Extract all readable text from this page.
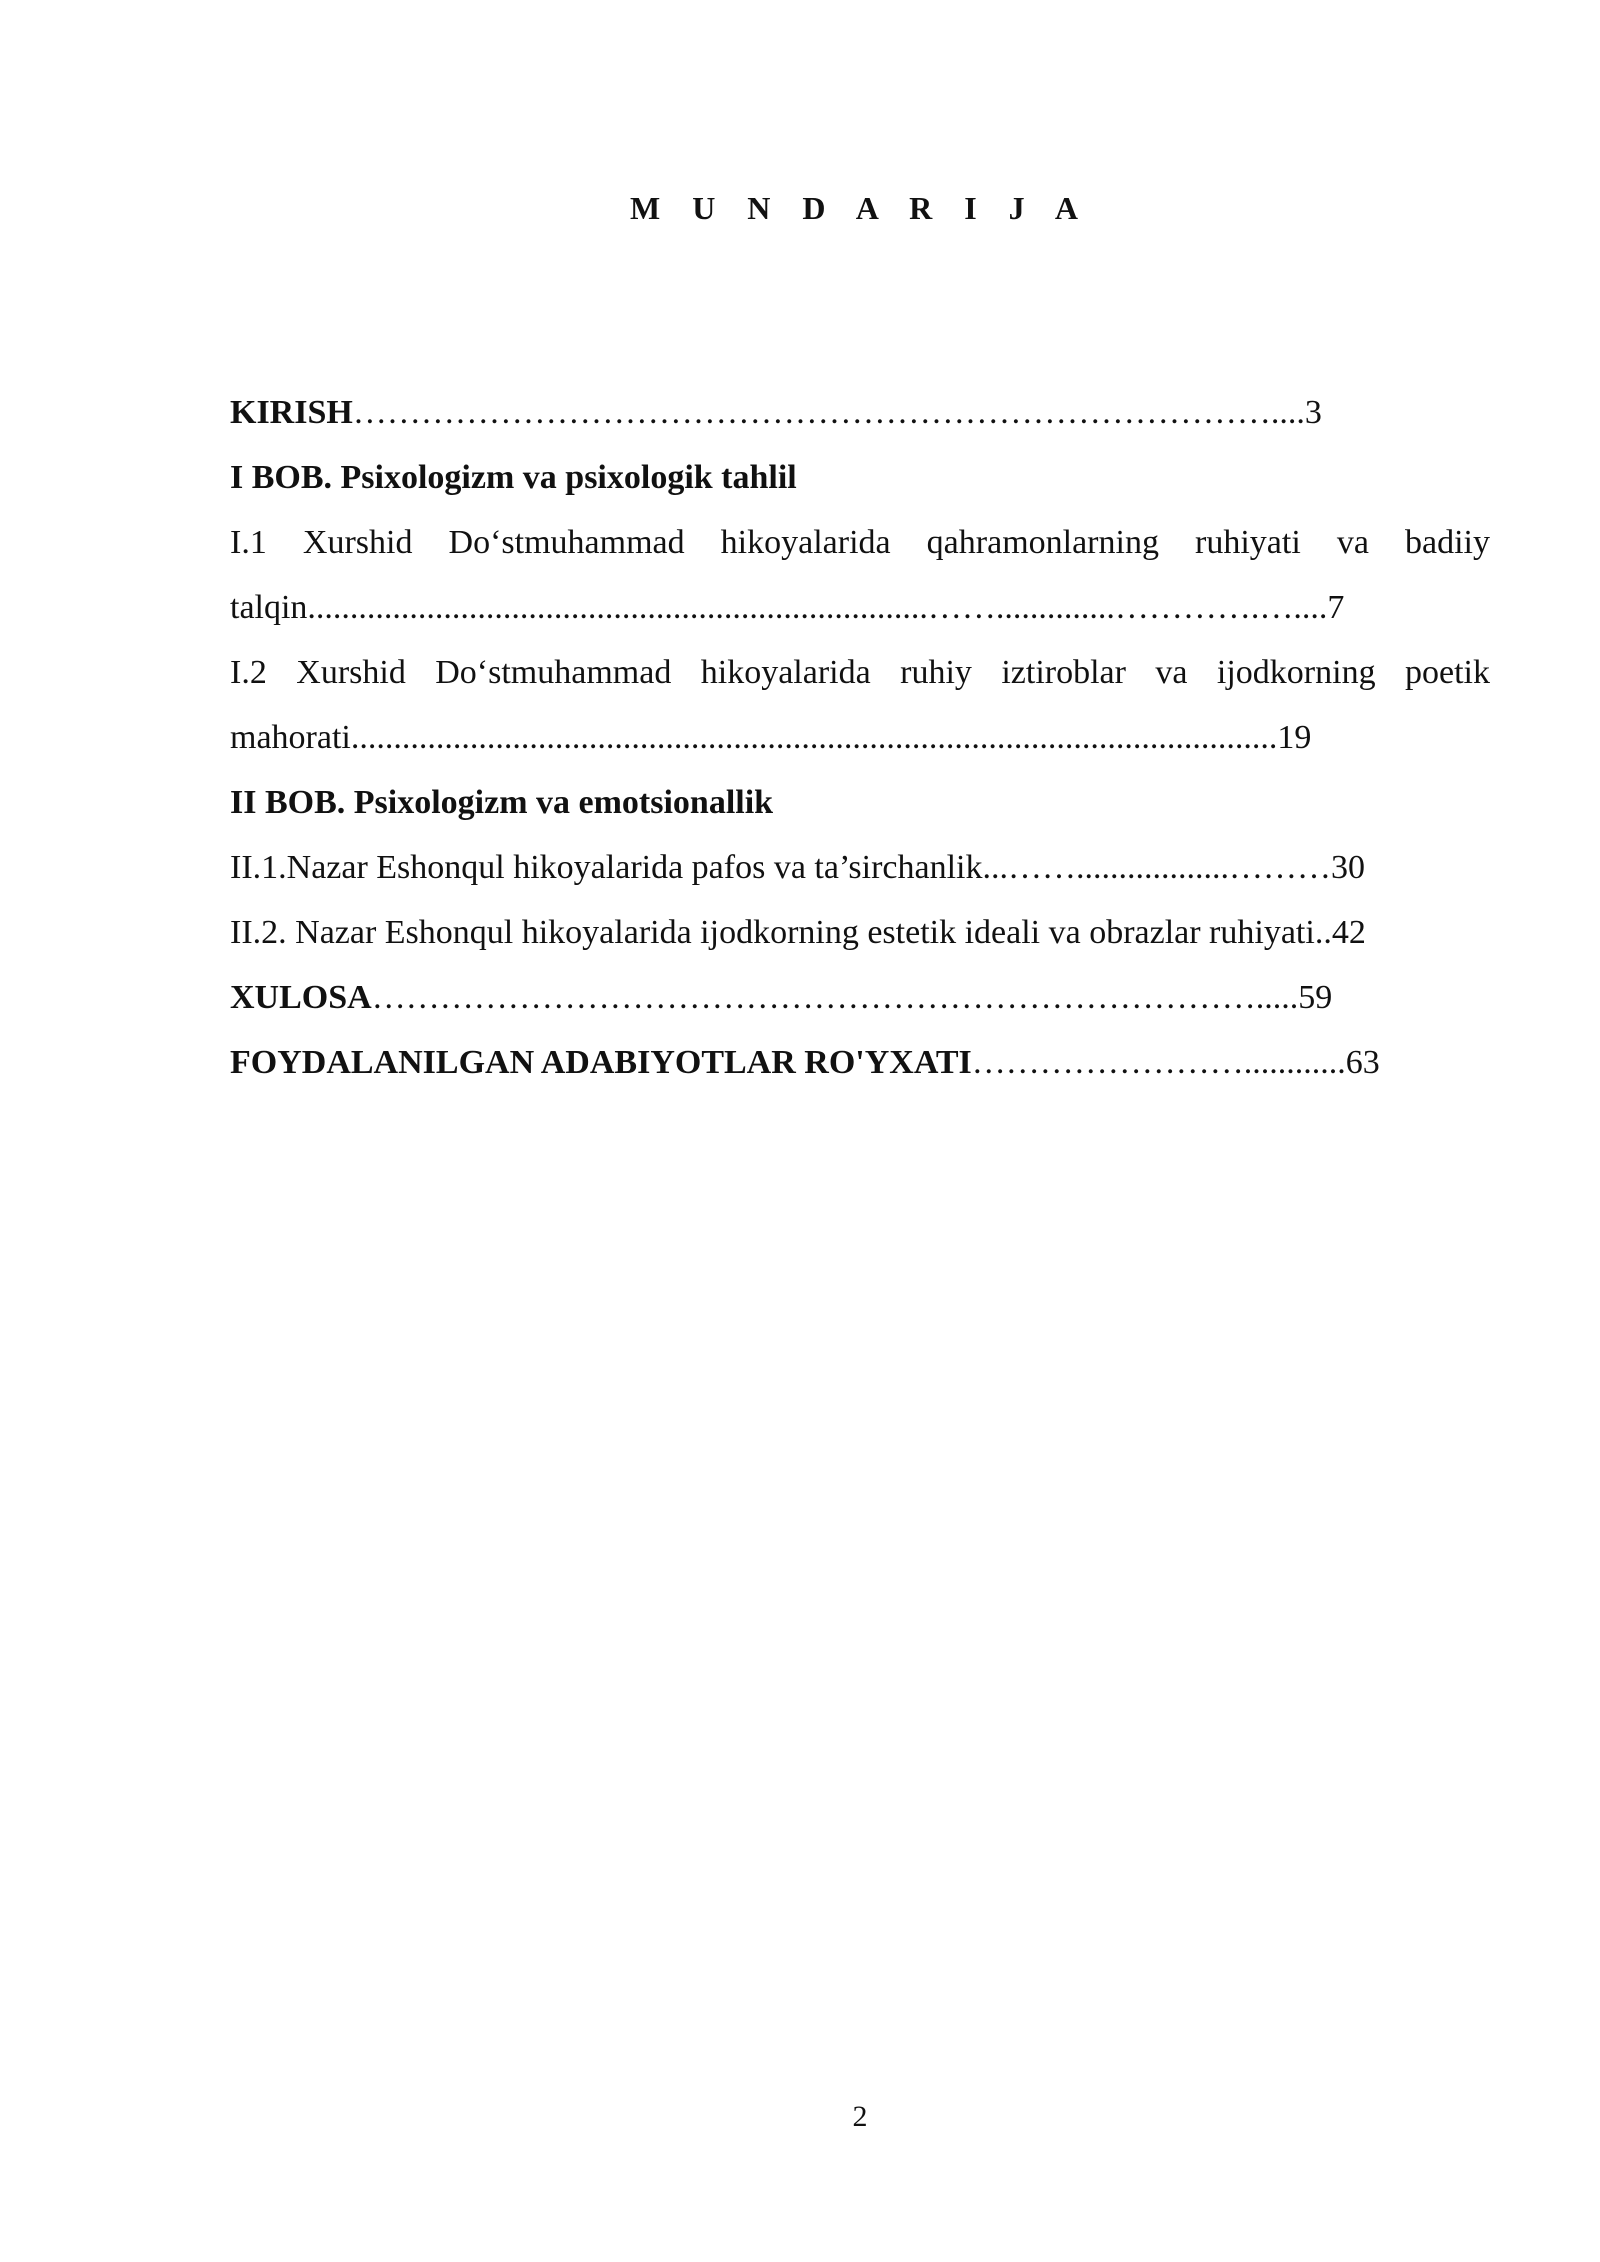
M U N D A R I J A
KIRISH………………………………………………………………………....3
I BOB. Psixologizm va psixologik tahlil
I.1 Xurshid Do‘stmuhammad hikoyalarida qahramonlarning ruhiyati va badiiy
talqin.........................................................................……..............………….…....7
I.2 Xurshid Do‘stmuhammad hikoyalarida ruhiy iztiroblar va ijodkorning poetik
mahorati.............................................................................................................19
II BOB. Psixologizm va emotsionallik
II.1.Nazar Eshonqul hikoyalarida pafos va ta’sirchanlik...……..................………30
II.2. Nazar Eshonqul hikoyalarida ijodkorning estetik ideali va obrazlar ruhiyati..42
XULOSA…………………………………………………………………….....59
FOYDALANILGAN ADABIYOTLAR RO'YXATI……………………............63
2
